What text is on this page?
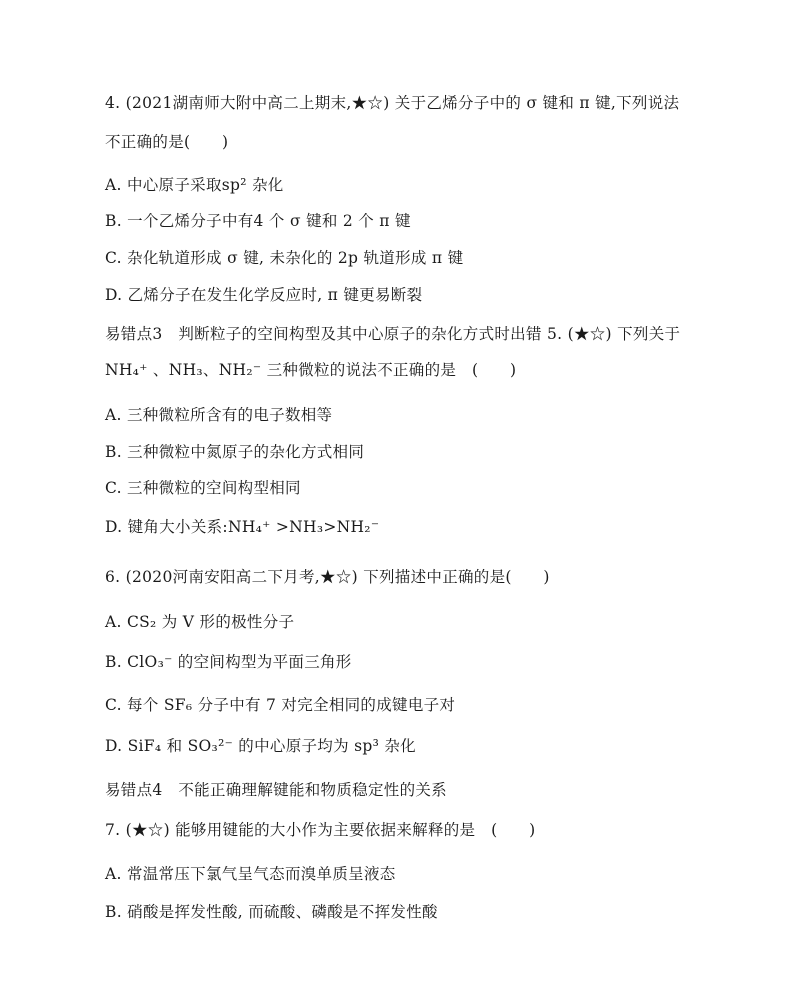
4. (2021湖南师大附中高二上期末,★☆) 关于乙烯分子中的 σ 键和 π 键,下列说法
不正确的是(　　)
A. 中心原子采取sp² 杂化
B. 一个乙烯分子中有4 个 σ 键和 2 个 π 键
C. 杂化轨道形成 σ 键, 未杂化的 2p 轨道形成 π 键
D. 乙烯分子在发生化学反应时, π 键更易断裂
易错点3　判断粒子的空间构型及其中心原子的杂化方式时出错 5. (★☆) 下列关于
NH₄⁺ 、NH₃、NH₂⁻ 三种微粒的说法不正确的是　(　　)
A. 三种微粒所含有的电子数相等
B. 三种微粒中氮原子的杂化方式相同
C. 三种微粒的空间构型相同
D. 键角大小关系:NH₄⁺ >NH₃>NH₂⁻
6. (2020河南安阳高二下月考,★☆) 下列描述中正确的是(　　)
A. CS₂ 为 V 形的极性分子
B. ClO₃⁻ 的空间构型为平面三角形
C. 每个 SF₆ 分子中有 7 对完全相同的成键电子对
D. SiF₄ 和 SO₃²⁻ 的中心原子均为 sp³ 杂化
易错点4　不能正确理解键能和物质稳定性的关系
7. (★☆) 能够用键能的大小作为主要依据来解释的是　(　　)
A. 常温常压下氯气呈气态而溴单质呈液态
B. 硝酸是挥发性酸, 而硫酸、磷酸是不挥发性酸
